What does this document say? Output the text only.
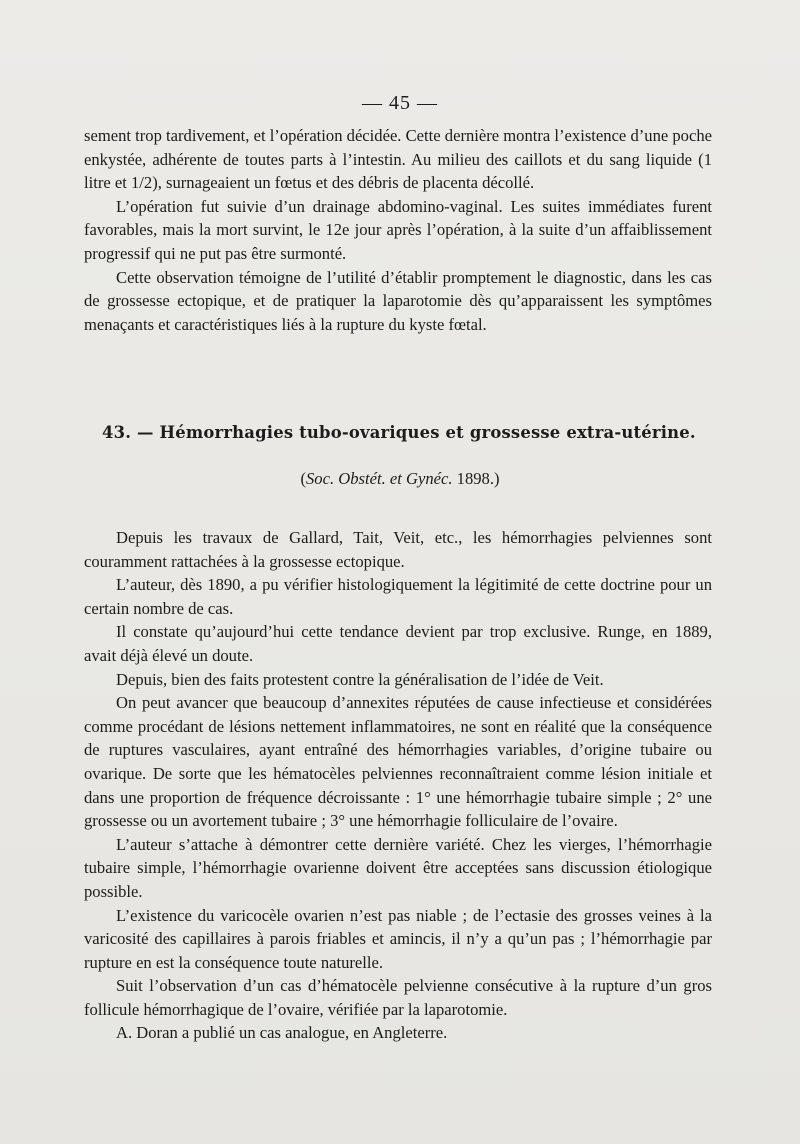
— 45 —

sement trop tardivement, et l’opération décidée. Cette dernière montra l’existence d’une poche enkystée, adhérente de toutes parts à l’intestin. Au milieu des caillots et du sang liquide (1 litre et 1/2), surnageaient un fœtus et des débris de placenta décollé.

L’opération fut suivie d’un drainage abdomino-vaginal. Les suites immédiates furent favorables, mais la mort survint, le 12e jour après l’opération, à la suite d’un affaiblissement progressif qui ne put pas être surmonté.

Cette observation témoigne de l’utilité d’établir promptement le diagnostic, dans les cas de grossesse ectopique, et de pratiquer la laparotomie dès qu’apparaissent les symptômes menaçants et caractéristiques liés à la rupture du kyste fœtal.

43. — Hémorrhagies tubo-ovariques et grossesse extra-utérine.
(Soc. Obstét. et Gynéc. 1898.)

Depuis les travaux de Gallard, Tait, Veit, etc., les hémorrhagies pelviennes sont couramment rattachées à la grossesse ectopique.

L’auteur, dès 1890, a pu vérifier histologiquement la légitimité de cette doctrine pour un certain nombre de cas.

Il constate qu’aujourd’hui cette tendance devient par trop exclusive. Runge, en 1889, avait déjà élevé un doute.

Depuis, bien des faits protestent contre la généralisation de l’idée de Veit.

On peut avancer que beaucoup d’annexites réputées de cause infectieuse et considérées comme procédant de lésions nettement inflammatoires, ne sont en réalité que la conséquence de ruptures vasculaires, ayant entraîné des hémorrhagies variables, d’origine tubaire ou ovarique. De sorte que les hématocèles pelviennes reconnaîtraient comme lésion initiale et dans une proportion de fréquence décroissante : 1° une hémorrhagie tubaire simple ; 2° une grossesse ou un avortement tubaire ; 3° une hémorrhagie folliculaire de l’ovaire.

L’auteur s’attache à démontrer cette dernière variété. Chez les vierges, l’hémorrhagie tubaire simple, l’hémorrhagie ovarienne doivent être acceptées sans discussion étiologique possible.

L’existence du varicocèle ovarien n’est pas niable ; de l’ectasie des grosses veines à la varicosité des capillaires à parois friables et amincis, il n’y a qu’un pas ; l’hémorrhagie par rupture en est la conséquence toute naturelle.

Suit l’observation d’un cas d’hématocèle pelvienne consécutive à la rupture d’un gros follicule hémorrhagique de l’ovaire, vérifiée par la laparotomie.

A. Doran a publié un cas analogue, en Angleterre.
